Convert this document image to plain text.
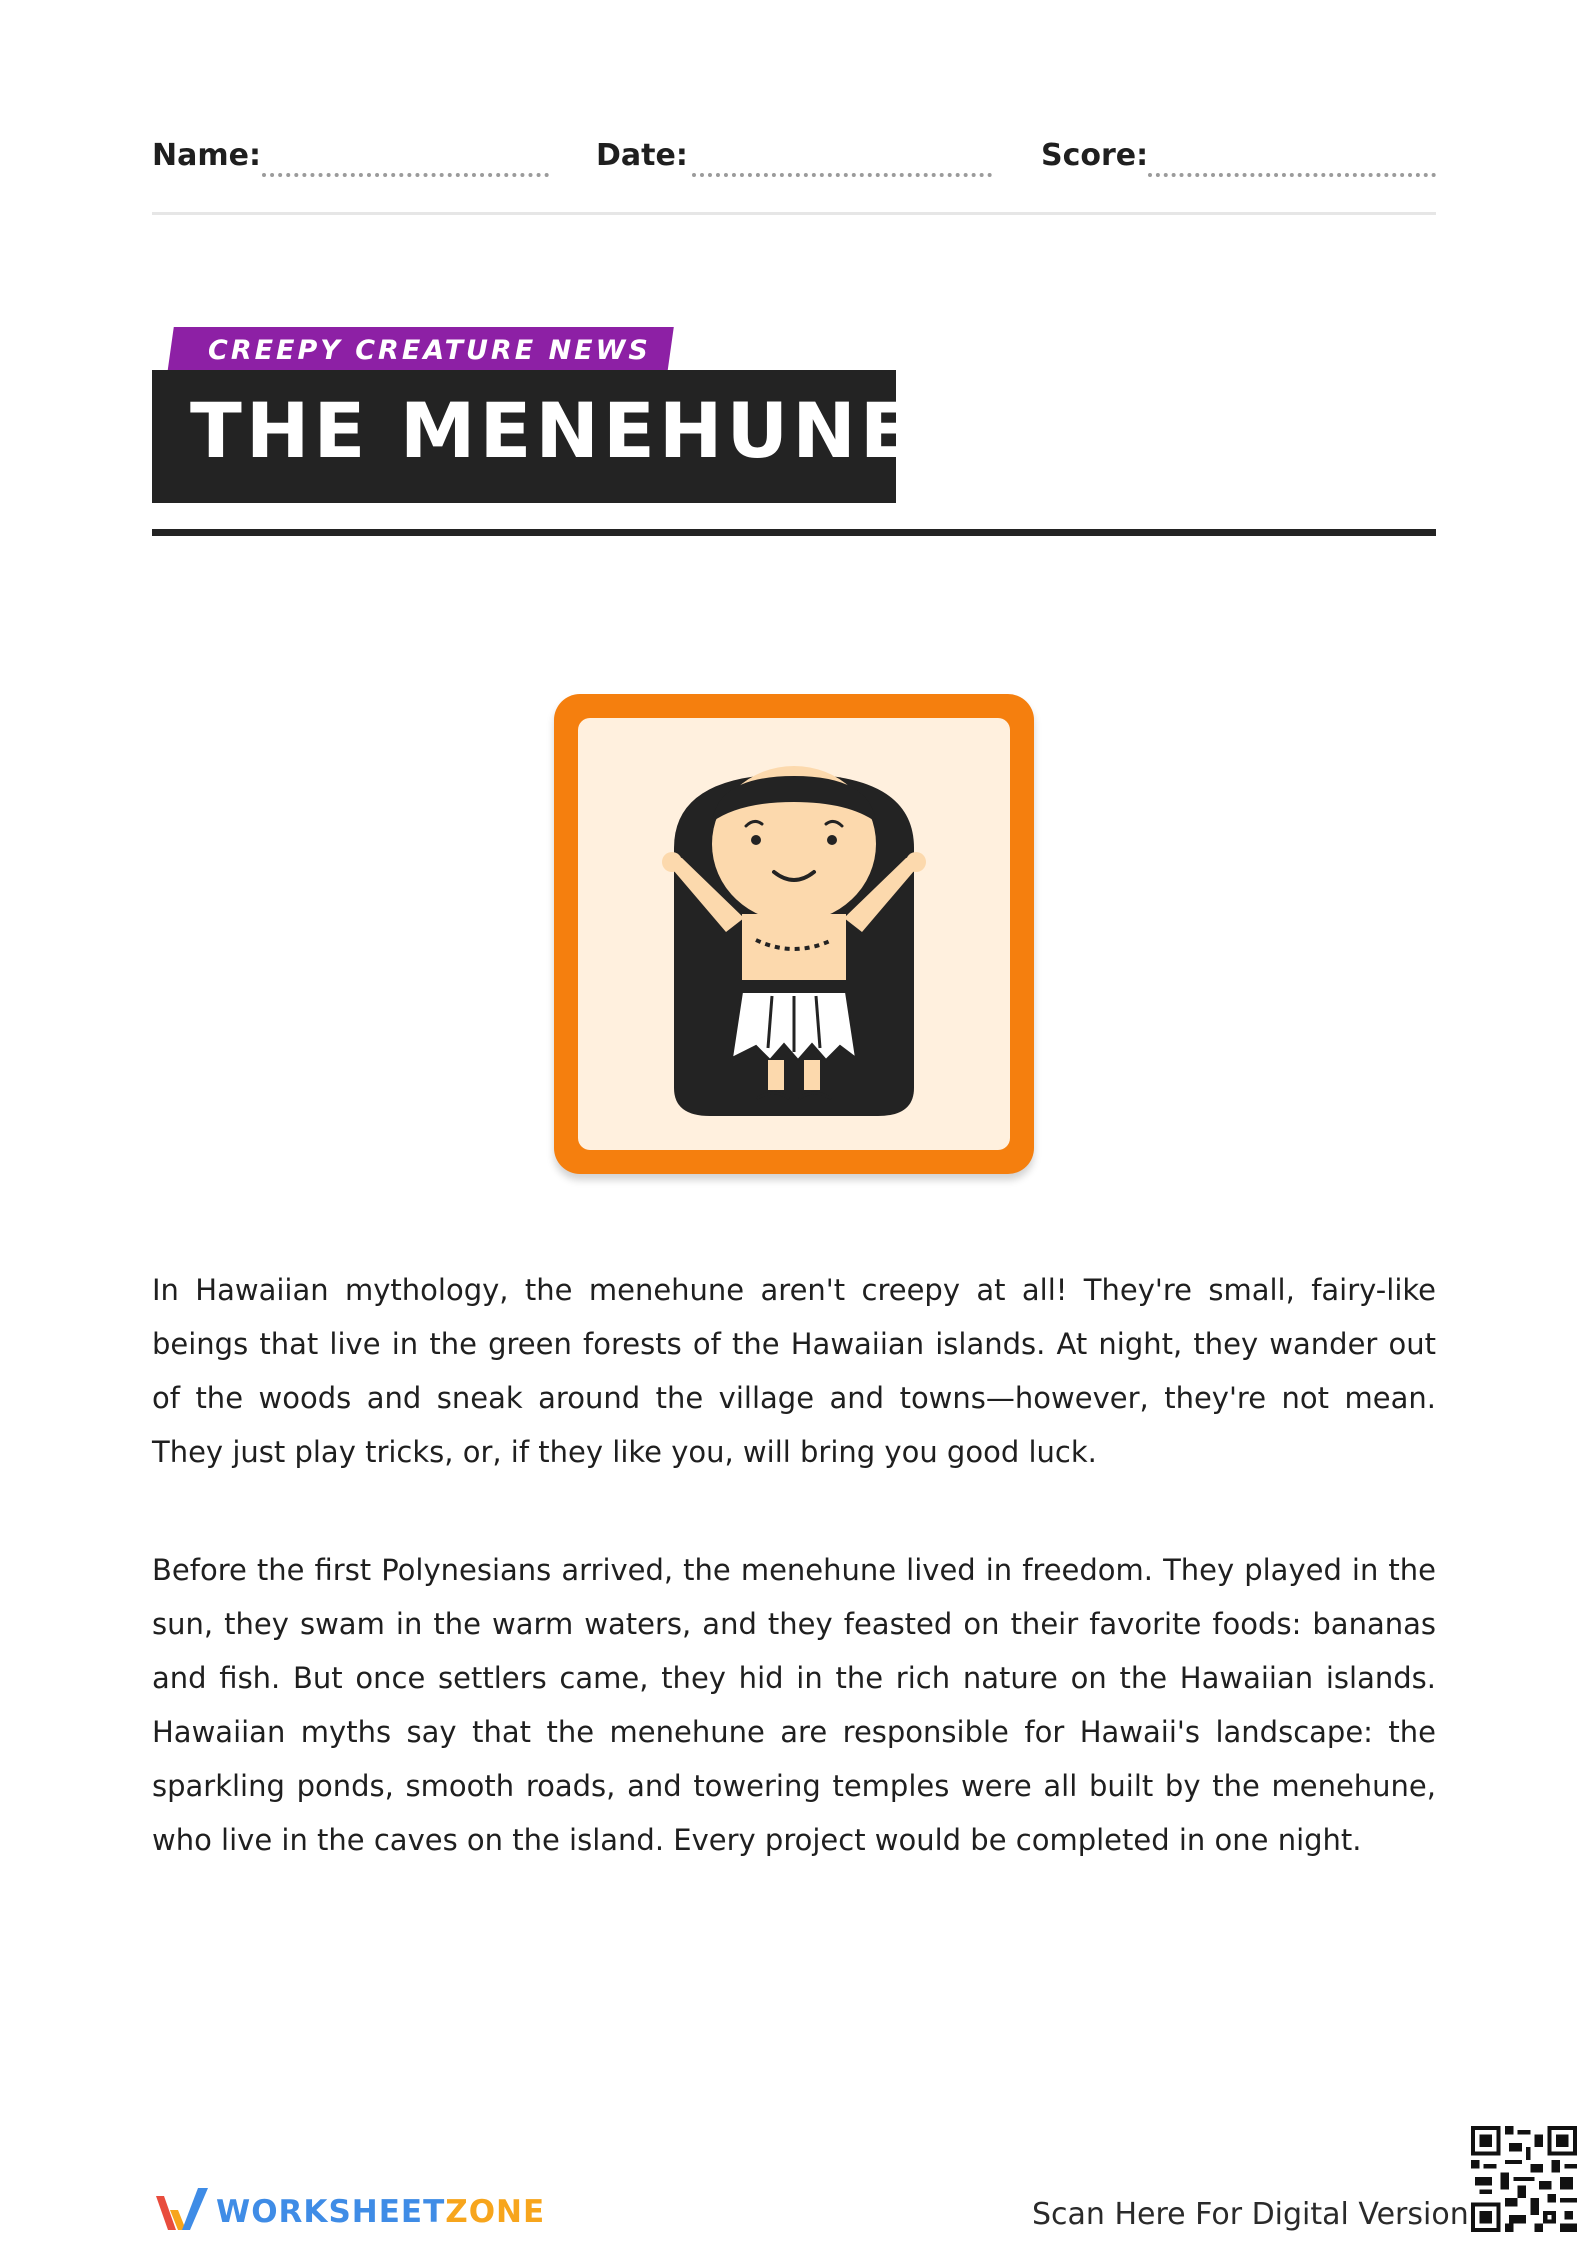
Name:	Date:	Score:
CREEPY CREATURE NEWS
THE MENEHUNE

In Hawaiian mythology, the menehune aren't creepy at all! They're small, fairy-like beings that live in the green forests of the Hawaiian islands. At night, they wander out of the woods and sneak around the village and towns—however, they're not mean. They just play tricks, or, if they like you, will bring you good luck.

Before the first Polynesians arrived, the menehune lived in freedom. They played in the sun, they swam in the warm waters, and they feasted on their favorite foods: bananas and fish. But once settlers came, they hid in the rich nature on the Hawaiian islands. Hawaiian myths say that the menehune are responsible for Hawaii's landscape: the sparkling ponds, smooth roads, and towering temples were all built by the menehune, who live in the caves on the island. Every project would be completed in one night.

WORKSHEETZONE	Scan Here For Digital Version
